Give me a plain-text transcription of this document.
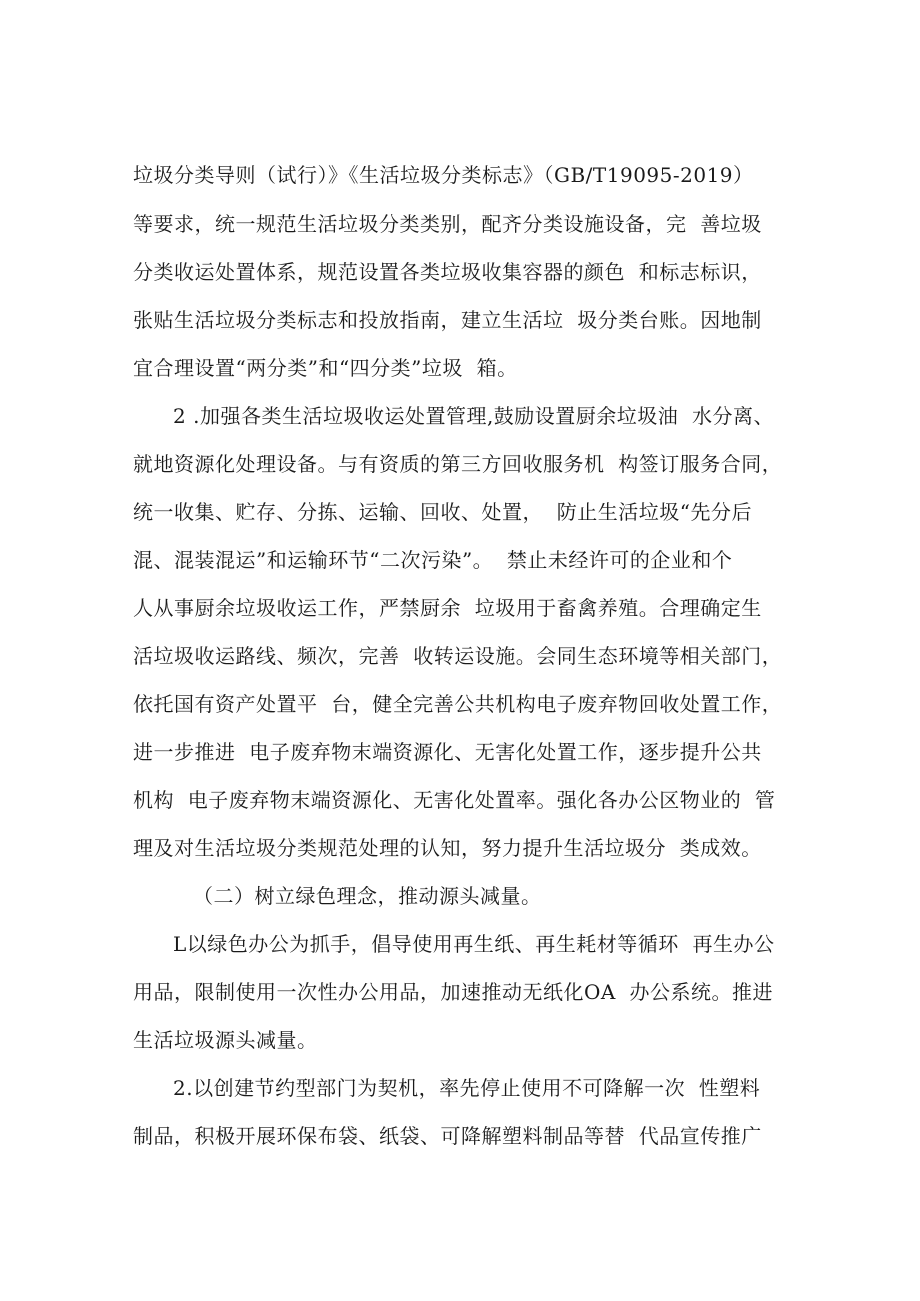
垃圾分类导则（试行）》《生活垃圾分类标志》（GB/T19095-2019）
等要求，统一规范生活垃圾分类类别，配齐分类设施设备，完  善垃圾
分类收运处置体系，规范设置各类垃圾收集容器的颜色  和标志标识，
张贴生活垃圾分类标志和投放指南，建立生活垃  圾分类台账。因地制
宜合理设置“两分类”和“四分类”垃圾  箱。
2 .加强各类生活垃圾收运处置管理,鼓励设置厨余垃圾油  水分离、
就地资源化处理设备。与有资质的第三方回收服务机  构签订服务合同，
统一收集、贮存、分拣、运输、回收、处置，  防止生活垃圾“先分后
混、混装混运”和运输环节“二次污染”。  禁止未经许可的企业和个
人从事厨余垃圾收运工作，严禁厨余  垃圾用于畜禽养殖。合理确定生
活垃圾收运路线、频次，完善  收转运设施。会同生态环境等相关部门，
依托国有资产处置平  台，健全完善公共机构电子废弃物回收处置工作，
进一步推进  电子废弃物末端资源化、无害化处置工作，逐步提升公共
机构  电子废弃物末端资源化、无害化处置率。强化各办公区物业的  管
理及对生活垃圾分类规范处理的认知，努力提升生活垃圾分  类成效。
（二）树立绿色理念，推动源头减量。
L以绿色办公为抓手，倡导使用再生纸、再生耗材等循环  再生办公
用品，限制使用一次性办公用品，加速推动无纸化OA  办公系统。推进
生活垃圾源头减量。
2.以创建节约型部门为契机，率先停止使用不可降解一次  性塑料
制品，积极开展环保布袋、纸袋、可降解塑料制品等替  代品宣传推广
